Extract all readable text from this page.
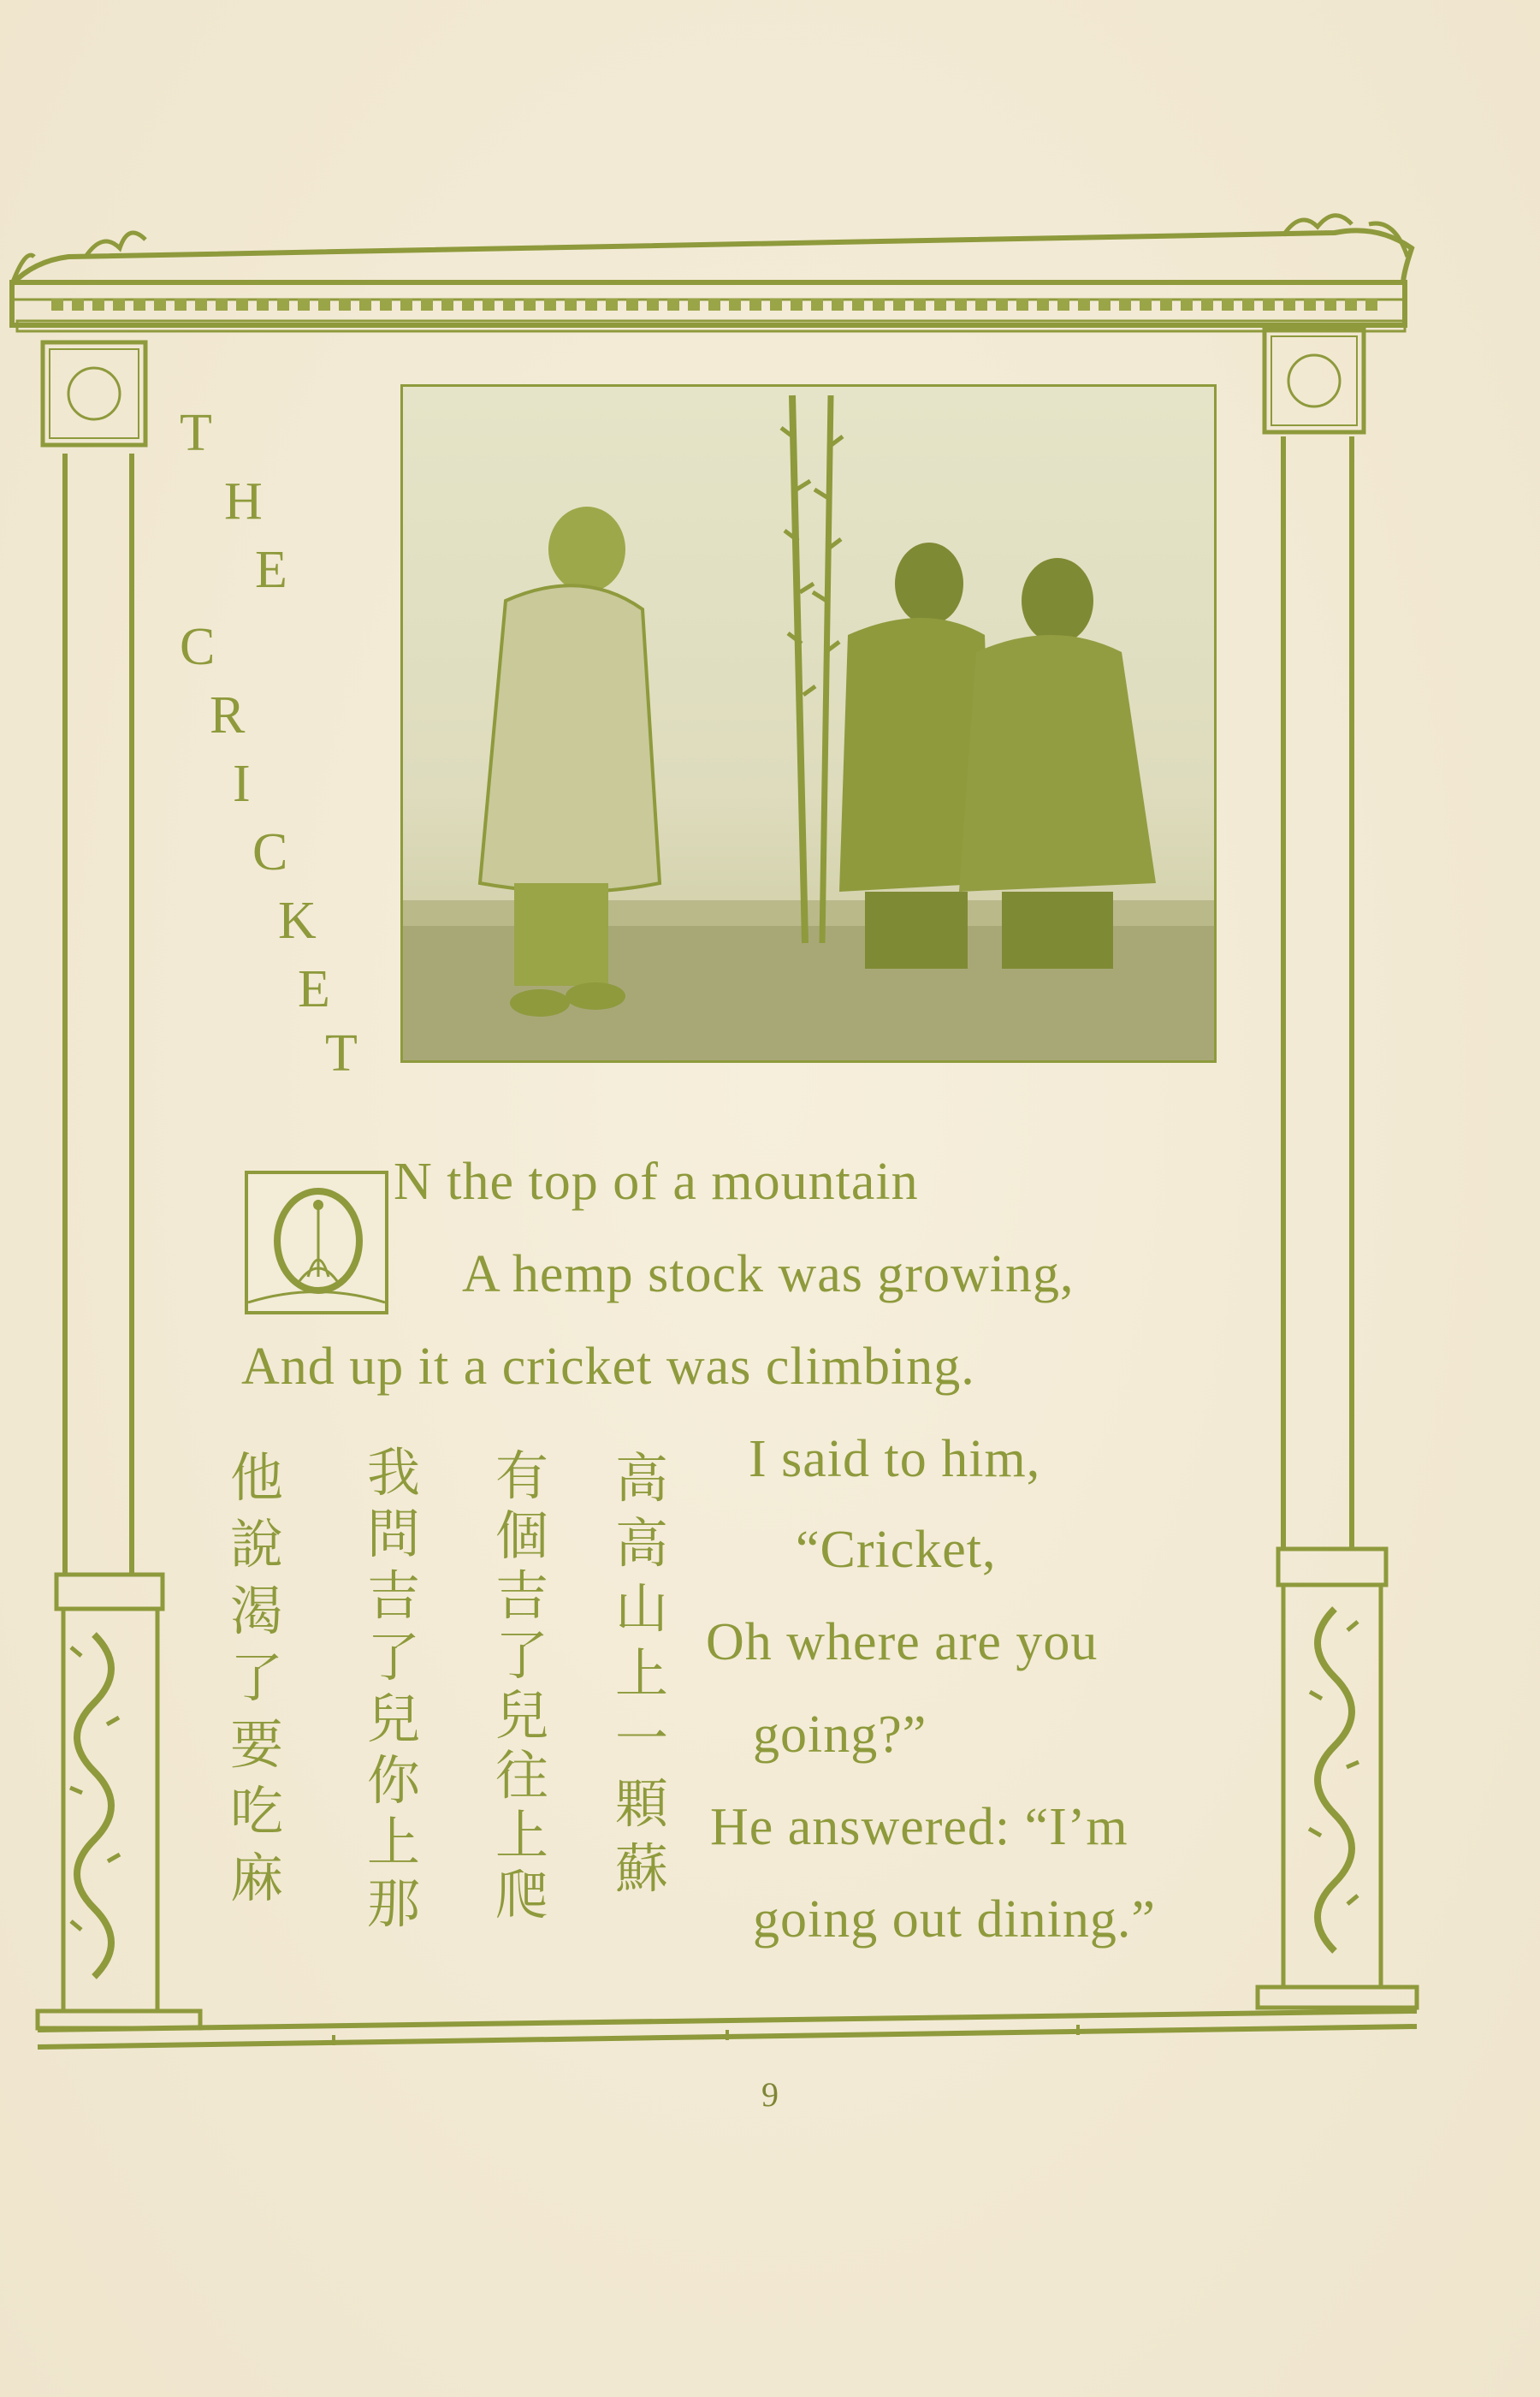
T
H
E
C
R
I
C
K
E
T
N the top of a mountain
A hemp stock was growing,
And up it a cricket was climbing.
I said to him,
“Cricket,
Oh where are you
going?”
He answered: “I’m
going out dining.”
高
高
山
上
一
顆
蘇
有
個
吉
了
兒
往
上
爬
我
問
吉
了
兒
你
上
那
他
說
渴
了
要
吃
麻
9
